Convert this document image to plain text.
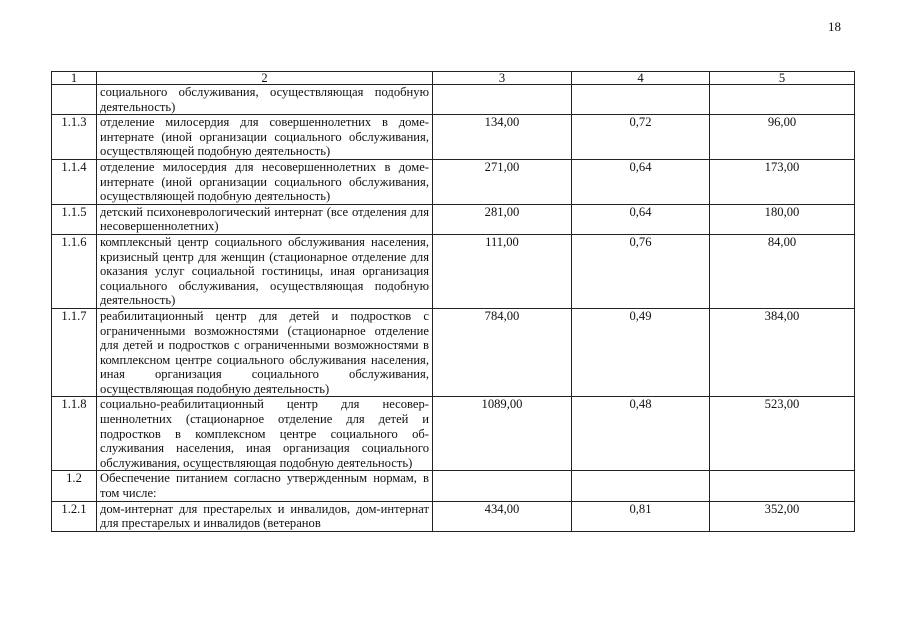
18
1	2	3	4	5
	социального обслуживания, осуществляющая подобную деятельность)			
1.1.3	отделение милосердия для совершеннолетних в доме-интернате (иной организации социального обслуживания, осуществляющей подобную деятельность)	134,00	0,72	96,00
1.1.4	отделение милосердия для несовершеннолетних в доме-интернате (иной организации социального обслуживания, осуществляющей подобную деятельность)	271,00	0,64	173,00
1.1.5	детский психоневрологический интернат (все отделения для несовершеннолетних)	281,00	0,64	180,00
1.1.6	комплексный центр социального обслуживания населения, кризисный центр для женщин (стационарное отделение для оказания услуг социальной гостиницы, иная организация социального обслуживания, осуществляющая подобную деятельность)	111,00	0,76	84,00
1.1.7	реабилитационный центр для детей и подростков с ограниченными возможностями (стационарное отделение для детей и подростков с ограниченными возможностями в комплексном центре социального обслуживания населения, иная организация социального обслуживания, осуществляющая подобную деятельность)	784,00	0,49	384,00
1.1.8	социально-реабилитационный центр для несовершеннолетних (стационарное отделение для детей и подростков в комплексном центре социального обслуживания населения, иная организация социального обслуживания, осуществляющая подобную деятельность)	1089,00	0,48	523,00
1.2	Обеспечение питанием согласно утвержденным нормам, в том числе:			
1.2.1	дом-интернат для престарелых и инвалидов, дом-интернат для престарелых и инвалидов (ветеранов	434,00	0,81	352,00
